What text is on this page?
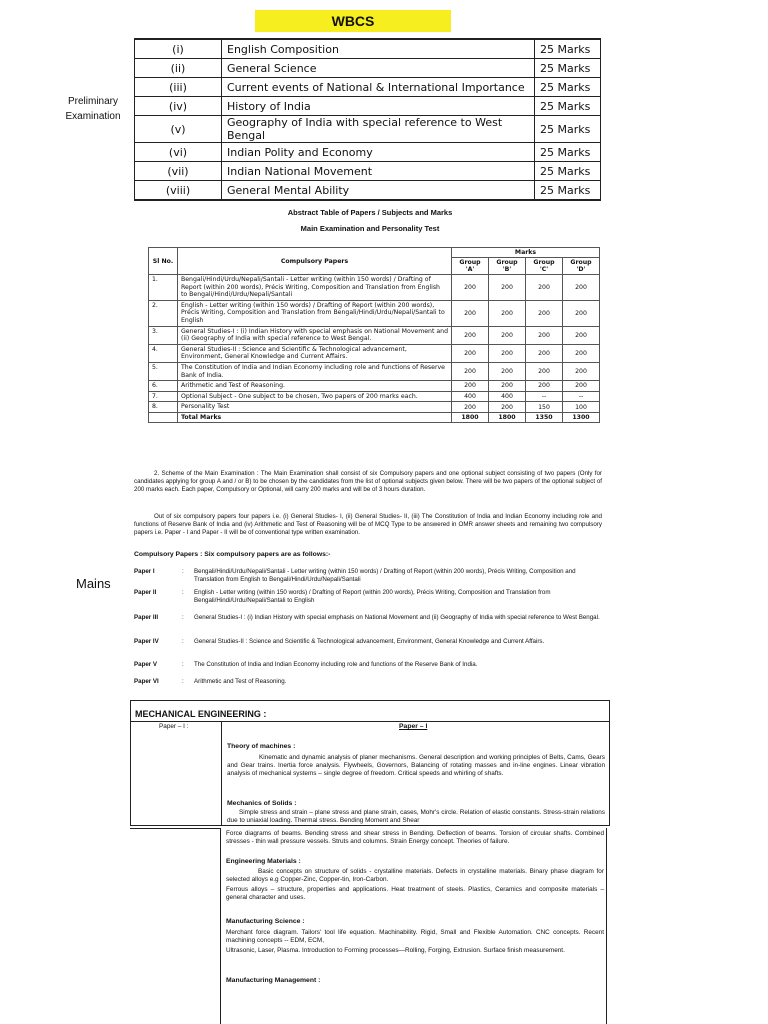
WBCS
Preliminary Examination
(i)	English Composition	25 Marks
(ii)	General Science	25 Marks
(iii)	Current events of National & International Importance	25 Marks
(iv)	History of India	25 Marks
(v)	Geography of India with special reference to West Bengal	25 Marks
(vi)	Indian Polity and Economy	25 Marks
(vii)	Indian National Movement	25 Marks
(viii)	General Mental Ability	25 Marks
Abstract Table of Papers / Subjects and Marks
Main Examination and Personality Test
Sl No.	Compulsory Papers	Marks			
		Group 'A'	Group 'B'	Group 'C'	Group 'D'
1.	Bengali/Hindi/Urdu/Nepali/Santali - Letter writing (within 150 words) / Drafting of Report (within 200 words), Précis Writing, Composition and Translation from English to Bengali/Hindi/Urdu/Nepali/Santali	200	200	200	200
2.	English - Letter writing (within 150 words) / Drafting of Report (within 200 words), Précis Writing, Composition and Translation from Bengali/Hindi/Urdu/Nepali/Santali to English	200	200	200	200
3.	General Studies-I : (i) Indian History with special emphasis on National Movement and (ii) Geography of India with special reference to West Bengal.	200	200	200	200
4.	General Studies-II : Science and Scientific & Technological advancement, Environment, General Knowledge and Current Affairs.	200	200	200	200
5.	The Constitution of India and Indian Economy including role and functions of Reserve Bank of India.	200	200	200	200
6.	Arithmetic and Test of Reasoning.	200	200	200	200
7.	Optional Subject - One subject to be chosen, Two papers of 200 marks each.	400	400	--	--
8.	Personality Test	200	200	150	100
	Total Marks	1800	1800	1350	1300
Mains
2. Scheme of the Main Examination : The Main Examination shall consist of six Compulsory papers and one optional subject consisting of two papers (Only for candidates applying for group A and / or B) to be chosen by the candidates from the list of optional subjects given below. There will be two papers of the optional subject of 200 marks each. Each paper, Compulsory or Optional, will carry 200 marks and will be of 3 hours duration.
Out of six compulsory papers four papers i.e. (i) General Studies- I, (ii) General Studies- II, (iii) The Constitution of India and Indian Economy including role and functions of Reserve Bank of India and (iv) Arithmetic and Test of Reasoning will be of MCQ Type to be answered in OMR answer sheets and remaining two compulsory papers i.e. Paper - I and Paper - II will be of conventional type written examination.
Compulsory Papers : Six compulsory papers are as follows:-
Paper I	:	Bengali/Hindi/Urdu/Nepali/Santali - Letter writing (within 150 words) / Drafting of Report (within 200 words), Précis Writing, Composition and Translation from English to Bengali/Hindi/Urdu/Nepali/Santali
Paper II	:	English - Letter writing (within 150 words) / Drafting of Report (within 200 words), Précis Writing, Composition and Translation from Bengali/Hindi/Urdu/Nepali/Santali to English
Paper III	:	General Studies-I : (i) Indian History with special emphasis on National Movement and (ii) Geography of India with special reference to West Bengal.
Paper IV	:	General Studies-II : Science and Scientific & Technological advancement, Environment, General Knowledge and Current Affairs.
Paper V	:	The Constitution of India and Indian Economy including role and functions of the Reserve Bank of India.
Paper VI	:	Arithmetic and Test of Reasoning.
MECHANICAL ENGINEERING :
Paper – I :	Paper – I
Theory of machines :
Kinematic and dynamic analysis of planer mechanisms. General description and working principles of Belts, Cams, Gears and Gear trains. Inertia force analysis. Flywheels, Governors, Balancing of rotating masses and in-line engines. Linear vibration analysis of mechanical systems – single degree of freedom. Critical speeds and whirling of shafts.
Mechanics of Solids :
Simple stress and strain – plane stress and plane strain, cases, Mohr's circle. Relation of elastic constants. Stress-strain relations due to uniaxial loading. Thermal stress. Bending Moment and Shear
Force diagrams of beams. Bending stress and shear stress in Bending. Deflection of beams. Torsion of circular shafts. Combined stresses - thin wall pressure vessels. Struts and columns. Strain Energy concept. Theories of failure.
Engineering Materials :
Basic concepts on structure of solids - crystalline materials. Defects in crystalline materials. Binary phase diagram for selected alloys e.g Copper-Zinc, Copper-tin, Iron-Carbon.
Ferrous alloys – structure, properties and applications. Heat treatment of steels. Plastics, Ceramics and composite materials – general character and uses.
Manufacturing Science :
Merchant force diagram. Tailors' tool life equation. Machinability. Rigid, Small and Flexible Automation. CNC concepts. Recent machining concepts -- EDM, ECM,
Ultrasonic, Laser, Plasma. Introduction to Forming processes—Rolling, Forging, Extrusion. Surface finish measurement.
Manufacturing Management :
